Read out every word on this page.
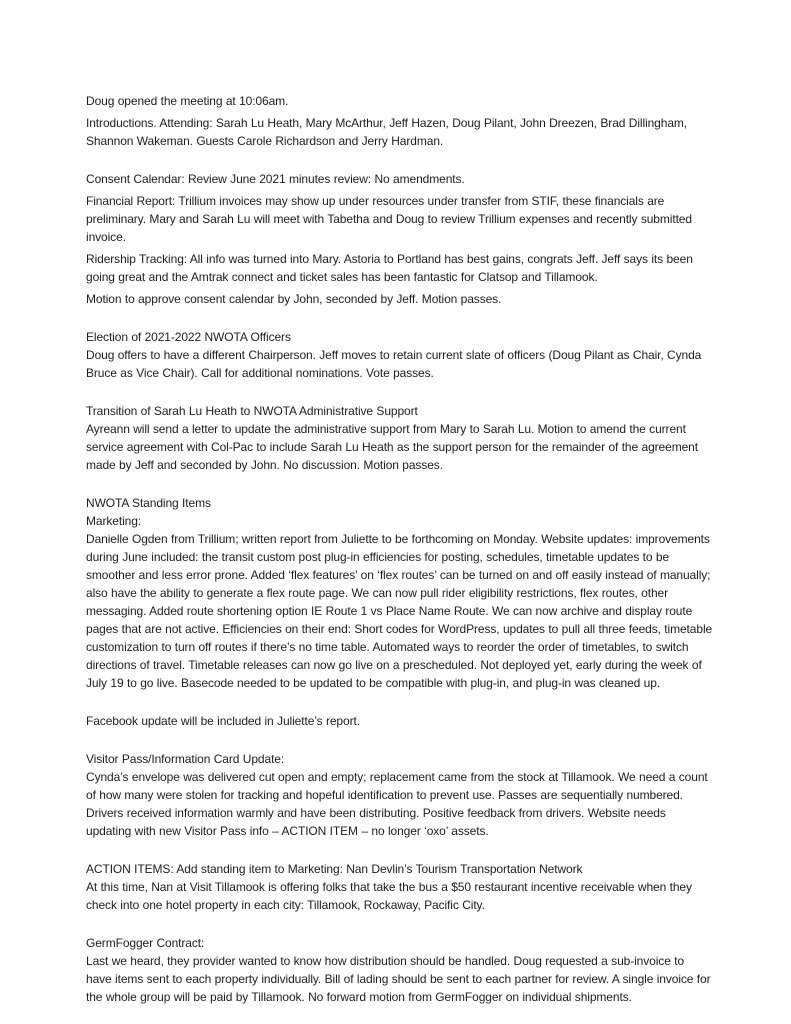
Doug opened the meeting at 10:06am.

Introductions. Attending: Sarah Lu Heath, Mary McArthur, Jeff Hazen, Doug Pilant, John Dreezen, Brad Dillingham, Shannon Wakeman. Guests Carole Richardson and Jerry Hardman.

Consent Calendar: Review June 2021 minutes review: No amendments.

Financial Report: Trillium invoices may show up under resources under transfer from STIF, these financials are preliminary. Mary and Sarah Lu will meet with Tabetha and Doug to review Trillium expenses and recently submitted invoice.

Ridership Tracking: All info was turned into Mary. Astoria to Portland has best gains, congrats Jeff. Jeff says its been going great and the Amtrak connect and ticket sales has been fantastic for Clatsop and Tillamook.

Motion to approve consent calendar by John, seconded by Jeff. Motion passes.

Election of 2021-2022 NWOTA Officers

Doug offers to have a different Chairperson. Jeff moves to retain current slate of officers (Doug Pilant as Chair, Cynda Bruce as Vice Chair). Call for additional nominations. Vote passes.

Transition of Sarah Lu Heath to NWOTA Administrative Support

Ayreann will send a letter to update the administrative support from Mary to Sarah Lu. Motion to amend the current service agreement with Col-Pac to include Sarah Lu Heath as the support person for the remainder of the agreement made by Jeff and seconded by John. No discussion. Motion passes.

NWOTA Standing Items

Marketing:

Danielle Ogden from Trillium; written report from Juliette to be forthcoming on Monday. Website updates: improvements during June included: the transit custom post plug-in efficiencies for posting, schedules, timetable updates to be smoother and less error prone. Added ‘flex features’ on ‘flex routes’ can be turned on and off easily instead of manually; also have the ability to generate a flex route page. We can now pull rider eligibility restrictions, flex routes, other messaging. Added route shortening option IE Route 1 vs Place Name Route. We can now archive and display route pages that are not active. Efficiencies on their end: Short codes for WordPress, updates to pull all three feeds, timetable customization to turn off routes if there’s no time table. Automated ways to reorder the order of timetables, to switch directions of travel. Timetable releases can now go live on a prescheduled. Not deployed yet, early during the week of July 19 to go live. Basecode needed to be updated to be compatible with plug-in, and plug-in was cleaned up.

Facebook update will be included in Juliette’s report.

Visitor Pass/Information Card Update:

Cynda’s envelope was delivered cut open and empty; replacement came from the stock at Tillamook. We need a count of how many were stolen for tracking and hopeful identification to prevent use. Passes are sequentially numbered. Drivers received information warmly and have been distributing. Positive feedback from drivers. Website needs updating with new Visitor Pass info – ACTION ITEM – no longer ‘oxo’ assets.

ACTION ITEMS: Add standing item to Marketing: Nan Devlin’s Tourism Transportation Network

At this time, Nan at Visit Tillamook is offering folks that take the bus a $50 restaurant incentive receivable when they check into one hotel property in each city: Tillamook, Rockaway, Pacific City.

GermFogger Contract:

Last we heard, they provider wanted to know how distribution should be handled. Doug requested a sub-invoice to have items sent to each property individually. Bill of lading should be sent to each partner for review. A single invoice for the whole group will be paid by Tillamook. No forward motion from GermFogger on individual shipments.
